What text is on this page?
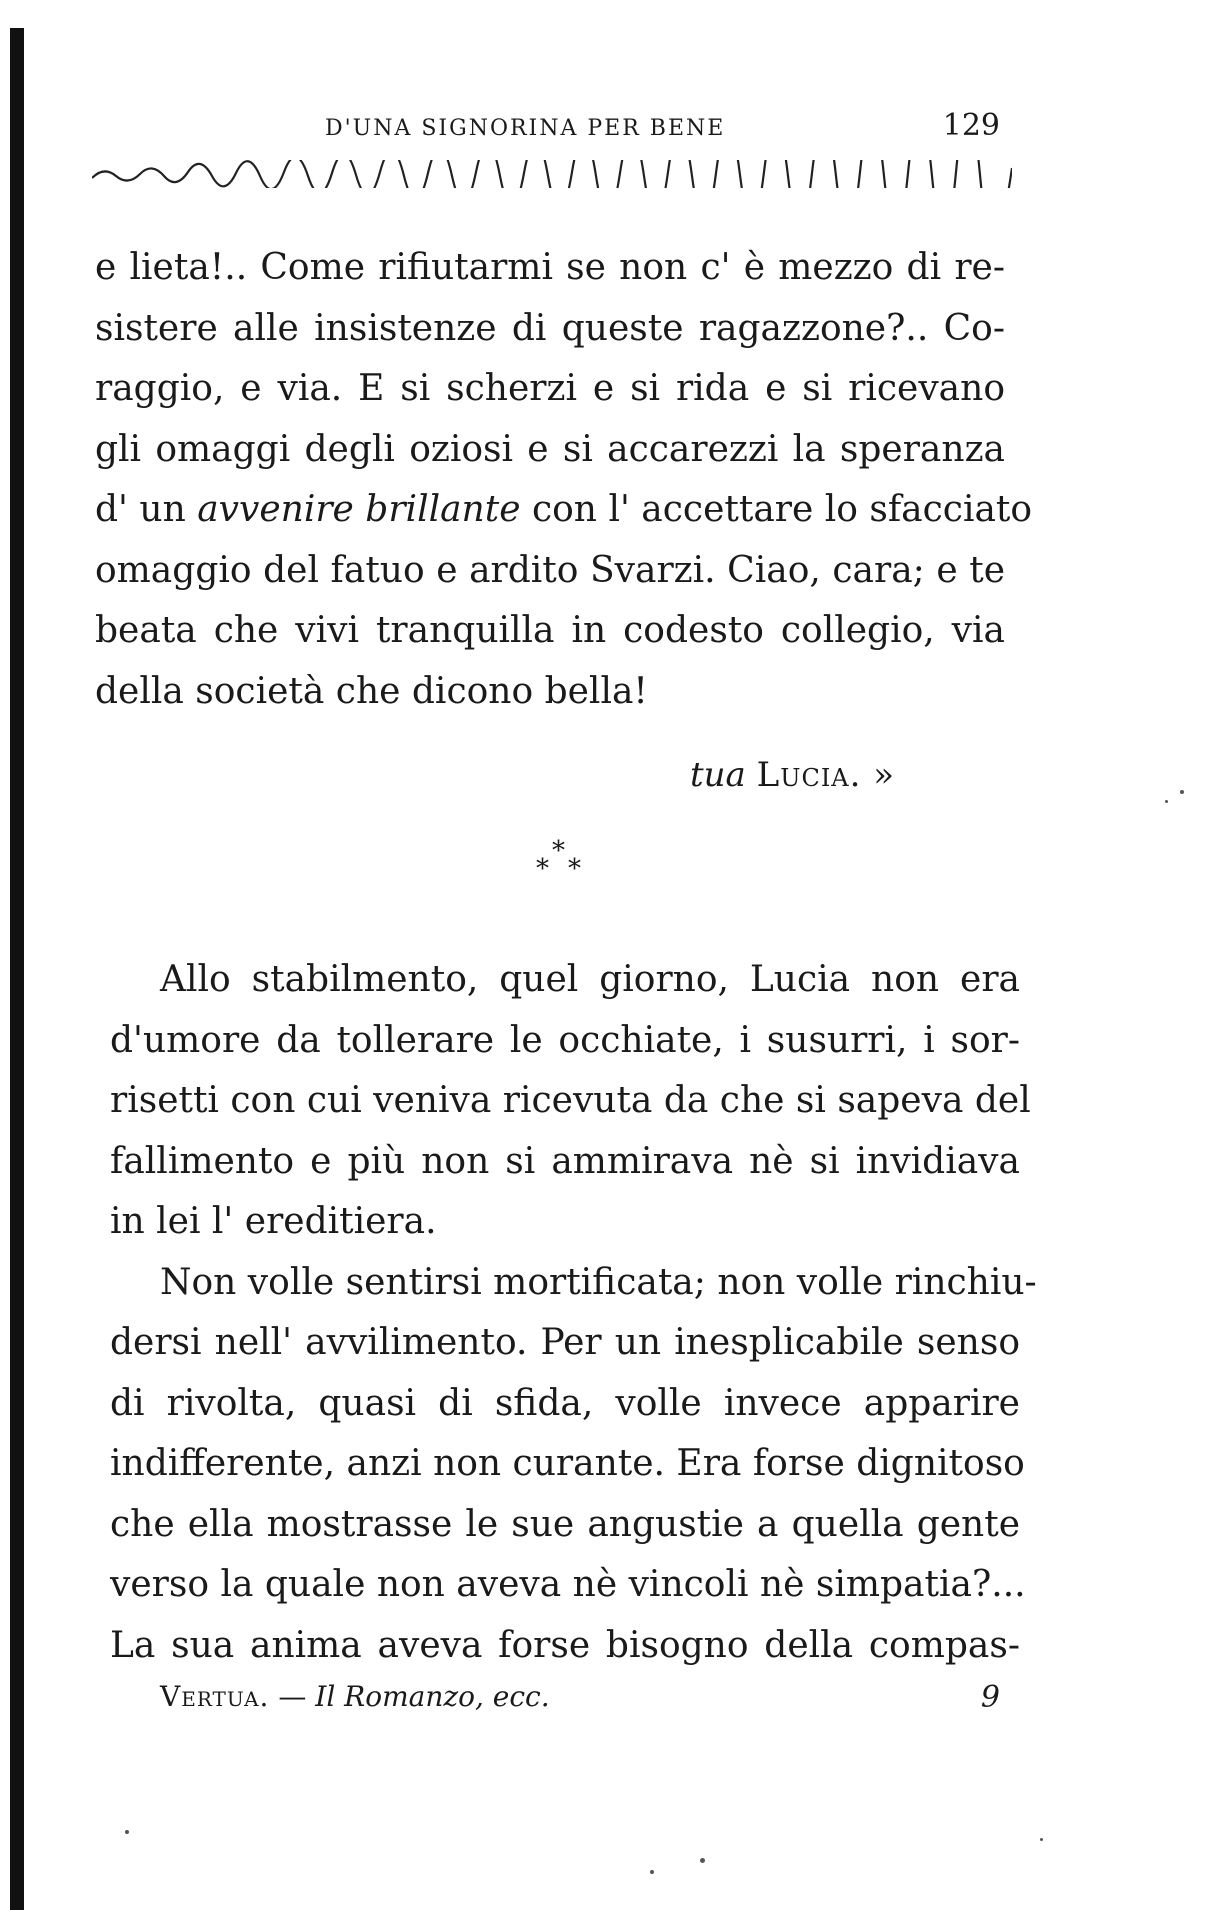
D'UNA SIGNORINA PER BENE	129
e lieta!.. Come rifiutarmi se non c' è mezzo di re-
sistere alle insistenze di queste ragazzone?.. Co-
raggio, e via. E si scherzi e si rida e si ricevano
gli omaggi degli oziosi e si accarezzi la speranza
d' un avvenire brillante con l' accettare lo sfacciato
omaggio del fatuo e ardito Svarzi. Ciao, cara; e te
beata che vivi tranquilla in codesto collegio, via
della società che dicono bella!
tua Lucia. »
*
* *
Allo stabilmento, quel giorno, Lucia non era
d'umore da tollerare le occhiate, i susurri, i sor-
risetti con cui veniva ricevuta da che si sapeva del
fallimento e più non si ammirava nè si invidiava
in lei l' ereditiera.
Non volle sentirsi mortificata; non volle rinchiu-
dersi nell' avvilimento. Per un inesplicabile senso
di rivolta, quasi di sfida, volle invece apparire
indifferente, anzi non curante. Era forse dignitoso
che ella mostrasse le sue angustie a quella gente
verso la quale non aveva nè vincoli nè simpatia?...
La sua anima aveva forse bisogno della compas-
Vertua. — Il Romanzo, ecc.	9
